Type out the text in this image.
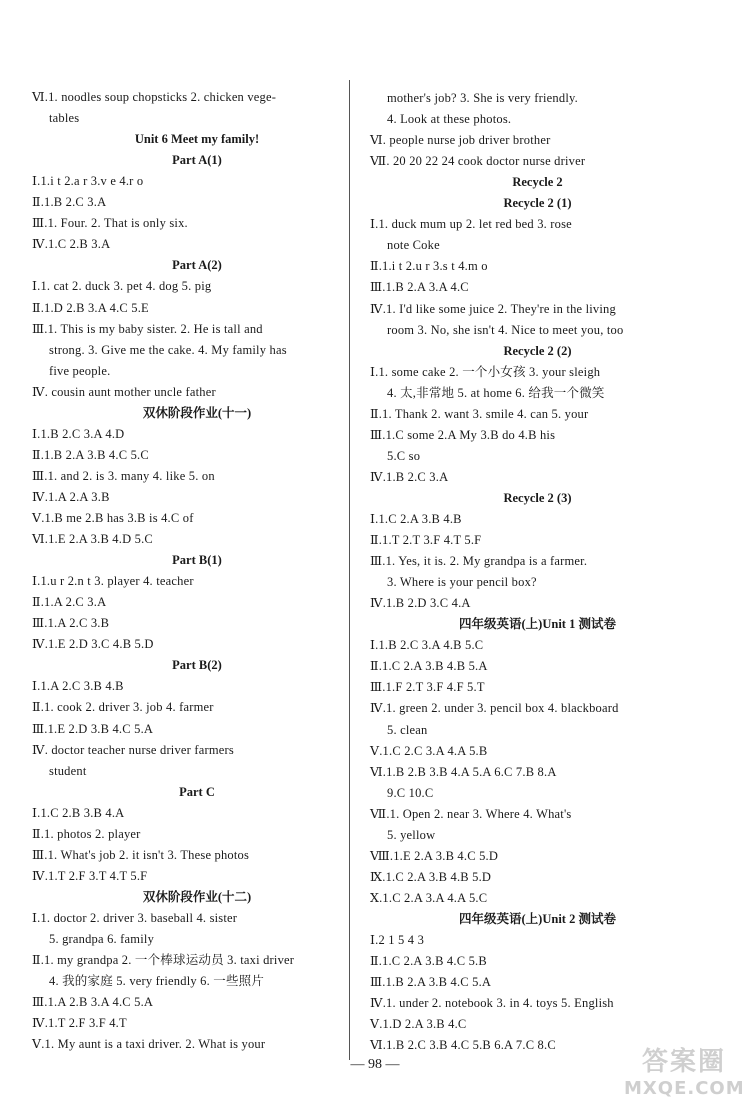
Ⅵ.1. noodles soup chopsticks 2. chicken vege-
tables
Unit 6 Meet my family!
Part A(1)
Ⅰ.1.i t 2.a r 3.v e 4.r o
Ⅱ.1.B 2.C 3.A
Ⅲ.1. Four. 2. That is only six.
Ⅳ.1.C 2.B 3.A
Part A(2)
Ⅰ.1. cat 2. duck 3. pet 4. dog 5. pig
Ⅱ.1.D 2.B 3.A 4.C 5.E
Ⅲ.1. This is my baby sister. 2. He is tall and
strong. 3. Give me the cake. 4. My family has
five people.
Ⅳ. cousin aunt mother uncle father
双休阶段作业(十一)
Ⅰ.1.B 2.C 3.A 4.D
Ⅱ.1.B 2.A 3.B 4.C 5.C
Ⅲ.1. and 2. is 3. many 4. like 5. on
Ⅳ.1.A 2.A 3.B
Ⅴ.1.B me 2.B has 3.B is 4.C of
Ⅵ.1.E 2.A 3.B 4.D 5.C
Part B(1)
Ⅰ.1.u r 2.n t 3. player 4. teacher
Ⅱ.1.A 2.C 3.A
Ⅲ.1.A 2.C 3.B
Ⅳ.1.E 2.D 3.C 4.B 5.D
Part B(2)
Ⅰ.1.A 2.C 3.B 4.B
Ⅱ.1. cook 2. driver 3. job 4. farmer
Ⅲ.1.E 2.D 3.B 4.C 5.A
Ⅳ. doctor teacher nurse driver farmers
student
Part C
Ⅰ.1.C 2.B 3.B 4.A
Ⅱ.1. photos 2. player
Ⅲ.1. What's job 2. it isn't 3. These photos
Ⅳ.1.T 2.F 3.T 4.T 5.F
双休阶段作业(十二)
Ⅰ.1. doctor 2. driver 3. baseball 4. sister
5. grandpa 6. family
Ⅱ.1. my grandpa 2. 一个棒球运动员 3. taxi driver
4. 我的家庭 5. very friendly 6. 一些照片
Ⅲ.1.A 2.B 3.A 4.C 5.A
Ⅳ.1.T 2.F 3.F 4.T
Ⅴ.1. My aunt is a taxi driver. 2. What is your
mother's job? 3. She is very friendly.
4. Look at these photos.
Ⅵ. people nurse job driver brother
Ⅶ. 20 20 22 24 cook doctor nurse driver
Recycle 2
Recycle 2 (1)
Ⅰ.1. duck mum up 2. let red bed 3. rose
note Coke
Ⅱ.1.i t 2.u r 3.s t 4.m o
Ⅲ.1.B 2.A 3.A 4.C
Ⅳ.1. I'd like some juice 2. They're in the living
room 3. No, she isn't 4. Nice to meet you, too
Recycle 2 (2)
Ⅰ.1. some cake 2. 一个小女孩 3. your sleigh
4. 太,非常地 5. at home 6. 给我一个微笑
Ⅱ.1. Thank 2. want 3. smile 4. can 5. your
Ⅲ.1.C some 2.A My 3.B do 4.B his
5.C so
Ⅳ.1.B 2.C 3.A
Recycle 2 (3)
Ⅰ.1.C 2.A 3.B 4.B
Ⅱ.1.T 2.T 3.F 4.T 5.F
Ⅲ.1. Yes, it is. 2. My grandpa is a farmer.
3. Where is your pencil box?
Ⅳ.1.B 2.D 3.C 4.A
四年级英语(上)Unit 1 测试卷
Ⅰ.1.B 2.C 3.A 4.B 5.C
Ⅱ.1.C 2.A 3.B 4.B 5.A
Ⅲ.1.F 2.T 3.F 4.F 5.T
Ⅳ.1. green 2. under 3. pencil box 4. blackboard
5. clean
Ⅴ.1.C 2.C 3.A 4.A 5.B
Ⅵ.1.B 2.B 3.B 4.A 5.A 6.C 7.B 8.A
9.C 10.C
Ⅶ.1. Open 2. near 3. Where 4. What's
5. yellow
Ⅷ.1.E 2.A 3.B 4.C 5.D
Ⅸ.1.C 2.A 3.B 4.B 5.D
Ⅹ.1.C 2.A 3.A 4.A 5.C
四年级英语(上)Unit 2 测试卷
Ⅰ.2 1 5 4 3
Ⅱ.1.C 2.A 3.B 4.C 5.B
Ⅲ.1.B 2.A 3.B 4.C 5.A
Ⅳ.1. under 2. notebook 3. in 4. toys 5. English
Ⅴ.1.D 2.A 3.B 4.C
Ⅵ.1.B 2.C 3.B 4.C 5.B 6.A 7.C 8.C
— 98 —	答案圈
MXQE.COM
